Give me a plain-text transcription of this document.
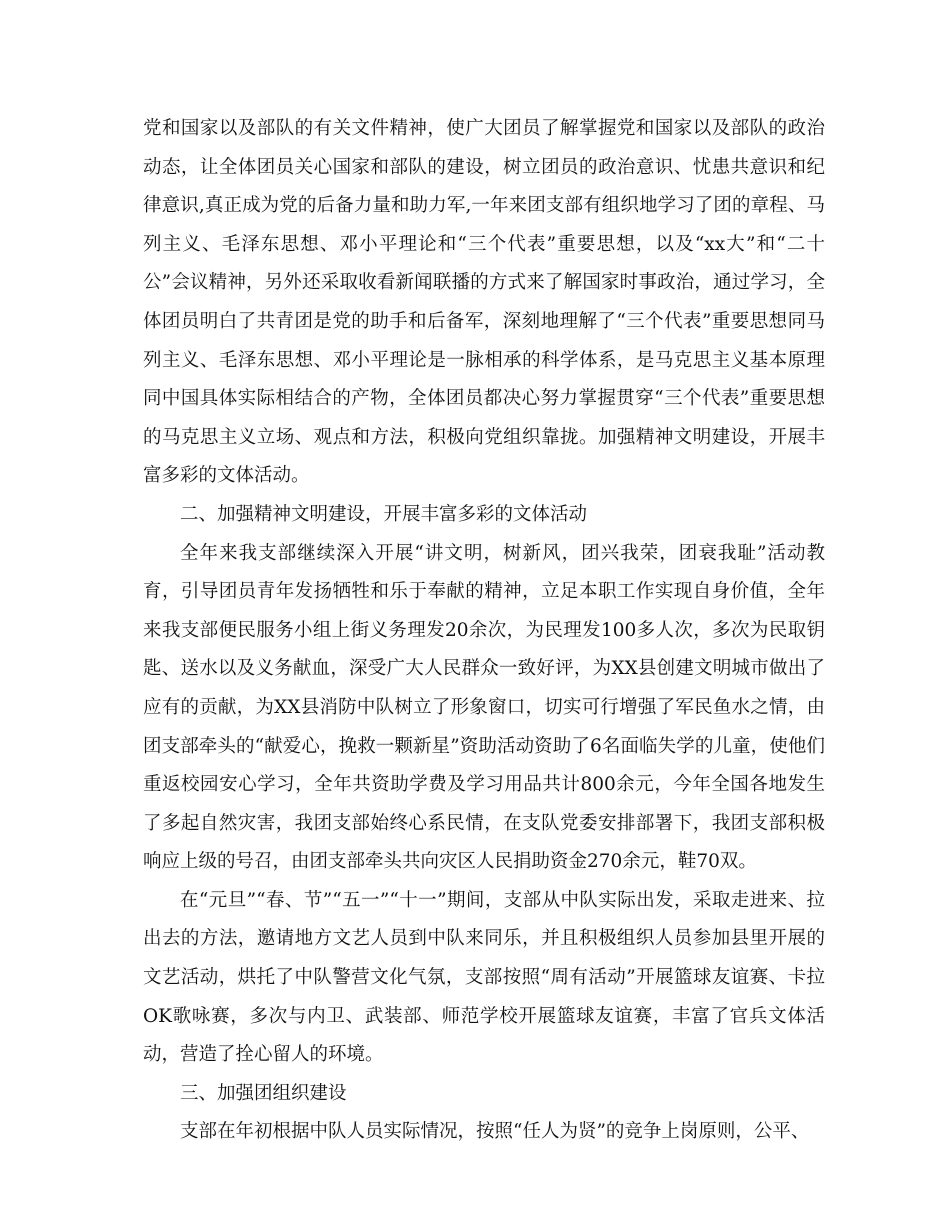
党和国家以及部队的有关文件精神，使广大团员了解掌握党和国家以及部队的政治动态，让全体团员关心国家和部队的建设，树立团员的政治意识、忧患共意识和纪律意识,真正成为党的后备力量和助力军,一年来团支部有组织地学习了团的章程、马列主义、毛泽东思想、邓小平理论和“三个代表”重要思想，以及“xx大”和“二十公”会议精神，另外还采取收看新闻联播的方式来了解国家时事政治，通过学习，全体团员明白了共青团是党的助手和后备军，深刻地理解了“三个代表”重要思想同马列主义、毛泽东思想、邓小平理论是一脉相承的科学体系，是马克思主义基本原理同中国具体实际相结合的产物，全体团员都决心努力掌握贯穿“三个代表”重要思想的马克思主义立场、观点和方法，积极向党组织靠拢。加强精神文明建设，开展丰富多彩的文体活动。

二、加强精神文明建设，开展丰富多彩的文体活动

全年来我支部继续深入开展“讲文明，树新风，团兴我荣，团衰我耻”活动教育，引导团员青年发扬牺牲和乐于奉献的精神，立足本职工作实现自身价值，全年来我支部便民服务小组上街义务理发20余次，为民理发100多人次，多次为民取钥匙、送水以及义务献血，深受广大人民群众一致好评，为XX县创建文明城市做出了应有的贡献，为XX县消防中队树立了形象窗口，切实可行增强了军民鱼水之情，由团支部牵头的“献爱心，挽救一颗新星”资助活动资助了6名面临失学的儿童，使他们重返校园安心学习，全年共资助学费及学习用品共计800余元，今年全国各地发生了多起自然灾害，我团支部始终心系民情，在支队党委安排部署下，我团支部积极响应上级的号召，由团支部牵头共向灾区人民捐助资金270余元，鞋70双。

在“元旦”“春、节”“五一”“十一”期间，支部从中队实际出发，采取走进来、拉出去的方法，邀请地方文艺人员到中队来同乐，并且积极组织人员参加县里开展的文艺活动，烘托了中队警营文化气氛，支部按照“周有活动”开展篮球友谊赛、卡拉OK歌咏赛，多次与内卫、武装部、师范学校开展篮球友谊赛，丰富了官兵文体活动，营造了拴心留人的环境。

三、加强团组织建设

支部在年初根据中队人员实际情况，按照“任人为贤”的竞争上岗原则，公平、
